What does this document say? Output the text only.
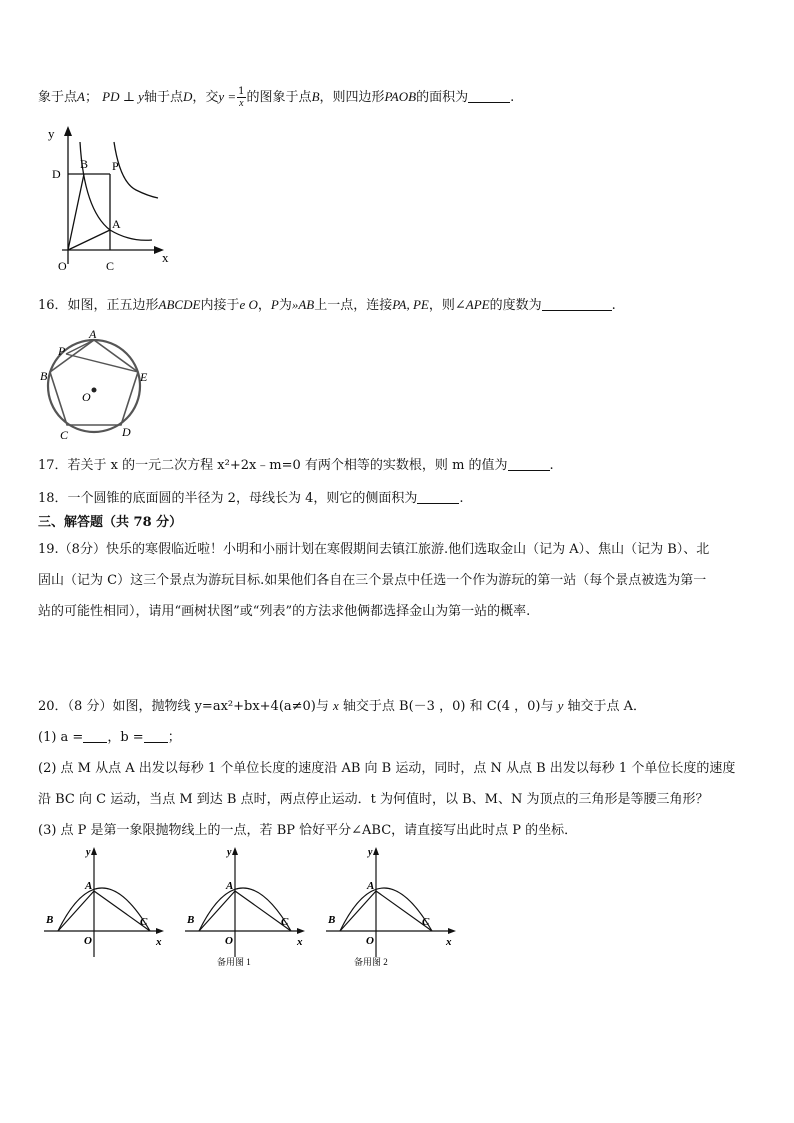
象于点A； PD ⊥ y轴于点D，交$y = \frac{1}{x}$ 的图象于点B，则四边形PAOB的面积为	.
y
x
D
B P
A
O	C
16．如图，正五边形ABCDE内接于e O，P为»AB上一点，连接PA, PE，则∠APE的度数为	.
P
A
B	E
O
C	D
17．若关于 x 的一元二次方程 x²+2x﹣m=0 有两个相等的实数根，则 m 的值为	.
18．一个圆锥的底面圆的半径为 2，母线长为 4，则它的侧面积为	.
三、解答题（共 78 分）
19.（8分）快乐的寒假临近啦！小明和小丽计划在寒假期间去镇江旅游.他们选取金山（记为 A）、焦山（记为 B）、北
固山（记为 C）这三个景点为游玩目标.如果他们各自在三个景点中任选一个作为游玩的第一站（每个景点被选为第一
站的可能性相同），请用“画树状图”或“列表”的方法求他俩都选择金山为第一站的概率.
20．（8 分）如图，抛物线 y=ax²+bx+4(a≠0)与 x 轴交于点 B(－3 ，0) 和 C(4 ，0)与 y 轴交于点 A．
(1) a = ，b = ；
(2) 点 M 从点 A 出发以每秒 1 个单位长度的速度沿 AB 向 B 运动，同时，点 N 从点 B 出发以每秒 1 个单位长度的速度
沿 BC 向 C 运动，当点 M 到达 B 点时，两点停止运动．t 为何值时，以 B、M、N 为顶点的三角形是等腰三角形？
(3) 点 P 是第一象限抛物线上的一点，若 BP 恰好平分∠ABC，请直接写出此时点 P 的坐标．
y
A
B	C
O	x
y
A
B	C
O	x
备用图 1
y
A
B	C
O	x
备用图 2
